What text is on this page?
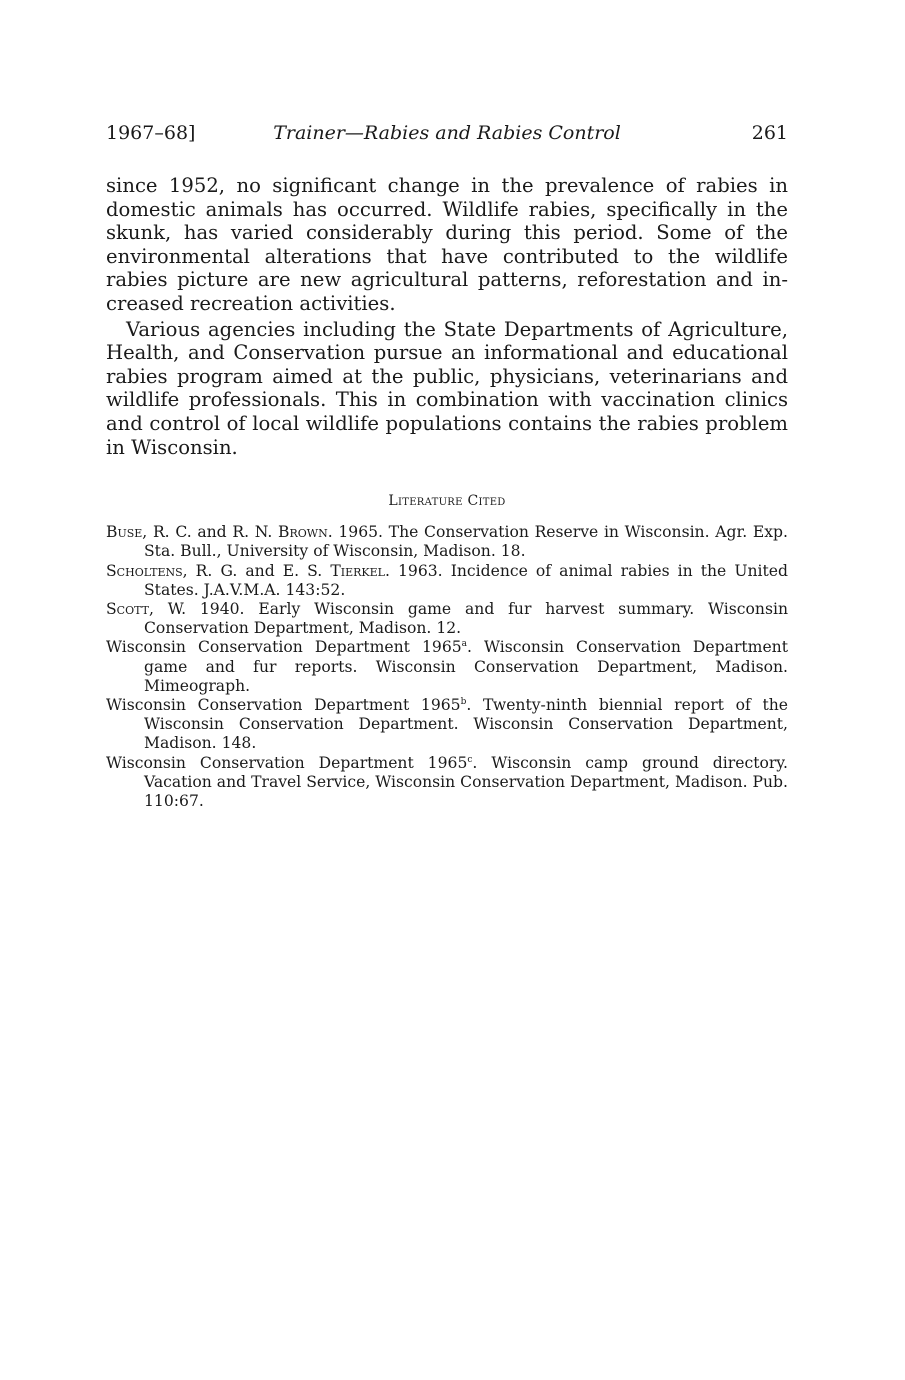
1967–68]	Trainer—Rabies and Rabies Control	261

since 1952, no significant change in the prevalence of rabies in domestic animals has occurred. Wildlife rabies, specifically in the skunk, has varied considerably during this period. Some of the environmental alterations that have contributed to the wildlife rabies picture are new agricultural patterns, reforestation and increased recreation activities.

Various agencies including the State Departments of Agriculture, Health, and Conservation pursue an informational and educational rabies program aimed at the public, physicians, veterinarians and wildlife professionals. This in combination with vaccination clinics and control of local wildlife populations contains the rabies problem in Wisconsin.

Literature Cited
Buse, R. C. and R. N. Brown. 1965. The Conservation Reserve in Wisconsin. Agr. Exp. Sta. Bull., University of Wisconsin, Madison. 18.
Scholtens, R. G. and E. S. Tierkel. 1963. Incidence of animal rabies in the United States. J.A.V.M.A. 143:52.
Scott, W. 1940. Early Wisconsin game and fur harvest summary. Wisconsin Conservation Department, Madison. 12.
Wisconsin Conservation Department 1965$^a$. Wisconsin Conservation Department game and fur reports. Wisconsin Conservation Department, Madison. Mimeograph.
Wisconsin Conservation Department 1965$^b$. Twenty-ninth biennial report of the Wisconsin Conservation Department. Wisconsin Conservation Department, Madison. 148.
Wisconsin Conservation Department 1965$^c$. Wisconsin camp ground directory. Vacation and Travel Service, Wisconsin Conservation Department, Madison. Pub. 110:67.
